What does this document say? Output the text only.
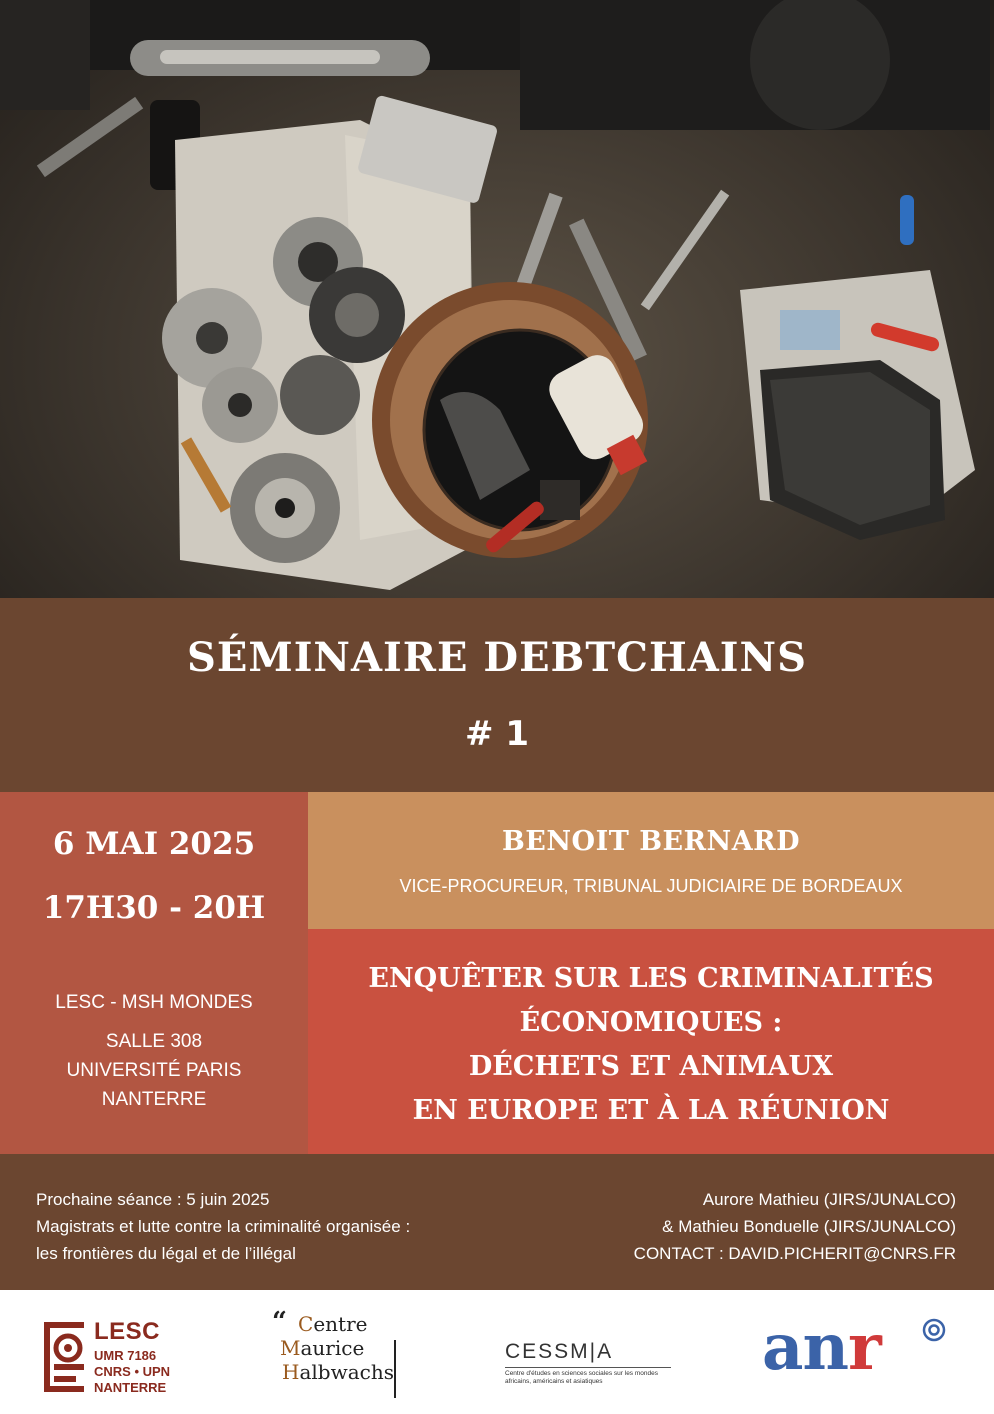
SÉMINAIRE DEBTCHAINS
# 1
6 MAI 2025
17H30 - 20H
LESC - MSH MONDES
SALLE 308
UNIVERSITÉ PARIS
NANTERRE
BENOIT BERNARD
VICE-PROCUREUR, TRIBUNAL JUDICIAIRE DE BORDEAUX
ENQUÊTER SUR LES CRIMINALITÉS
ÉCONOMIQUES :
DÉCHETS ET ANIMAUX
EN EUROPE ET À LA RÉUNION
Prochaine séance : 5 juin 2025
Magistrats et lutte contre la criminalité organisée :
les frontières du légal et de l’illégal
Aurore Mathieu (JIRS/JUNALCO)
& Mathieu Bonduelle (JIRS/JUNALCO)
CONTACT : DAVID.PICHERIT@CNRS.FR
LESC
UMR 7186
CNRS • UPN
NANTERRE
“ Centre
Maurice
Halbwachs
CESSM|A
Centre d'études en sciences sociales sur les mondes africains, américains et asiatiques	anr
